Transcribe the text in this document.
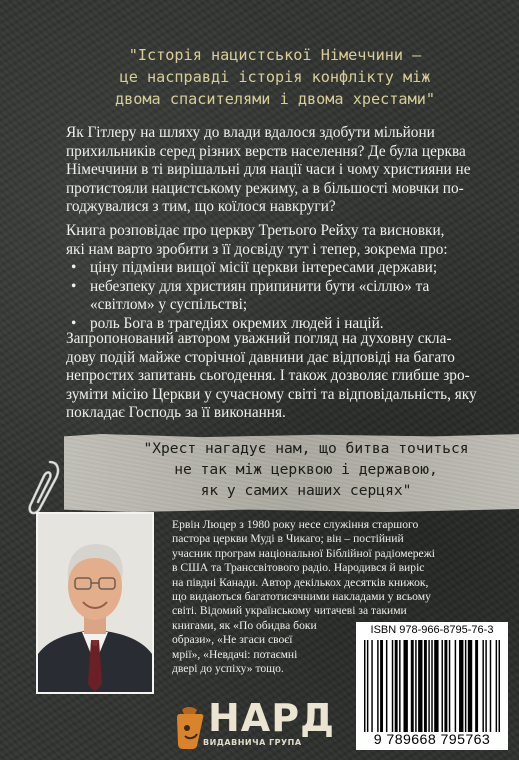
"Історія нацистської Німеччини –
це насправді історія конфлікту між
двома спасителями і двома хрестами"
Як Гітлеру на шляху до влади вдалося здобути мільйони
прихильників серед різних верств населення? Де була церква
Німеччини в ті вирішальні для нації часи і чому християни не
протистояли нацистському режиму, а в більшості мовчки по-
годжувалися з тим, що коїлося навкруги?
Книга розповідає про церкву Третього Рейху та висновки,
які нам варто зробити з її досвіду тут і тепер, зокрема про:
• ціну підміни вищої місії церкви інтересами держави;
• небезпеку для християн припинити бути «сіллю» та
«світлом» у суспільстві;
• роль Бога в трагедіях окремих людей і націй.
Запропонований автором уважний погляд на духовну скла-
дову подій майже сторічної давнини дає відповіді на багато
непростих запитань сьогодення. І також дозволяє глибше зро-
зуміти місію Церкви у сучасному світі та відповідальність, яку
покладає Господь за її виконання.
"Хрест нагадує нам, що битва точиться
не так між церквою і державою,
як у самих наших серцях"
Ервін Люцер з 1980 року несе служіння старшого
пастора церкви Муді в Чикаго; він – постійний
учасник програм національної Біблійної радіомережі
в США та Трансcвітового радіо. Народився й виріс
на півдні Канади. Автор декількох десятків книжок,
що видаються багатотисячними накладами у всьому
світі. Відомий українському читачеві за такими
книгами, як «По обидва боки
образи», «Не згаси своєї
мрії», «Невдачі: потаємні
двері до успіху» тощо.
ISBN 978-966-8795-76-3
9 789668 795763
НАРД
ВИДАВНИЧА ГРУПА
